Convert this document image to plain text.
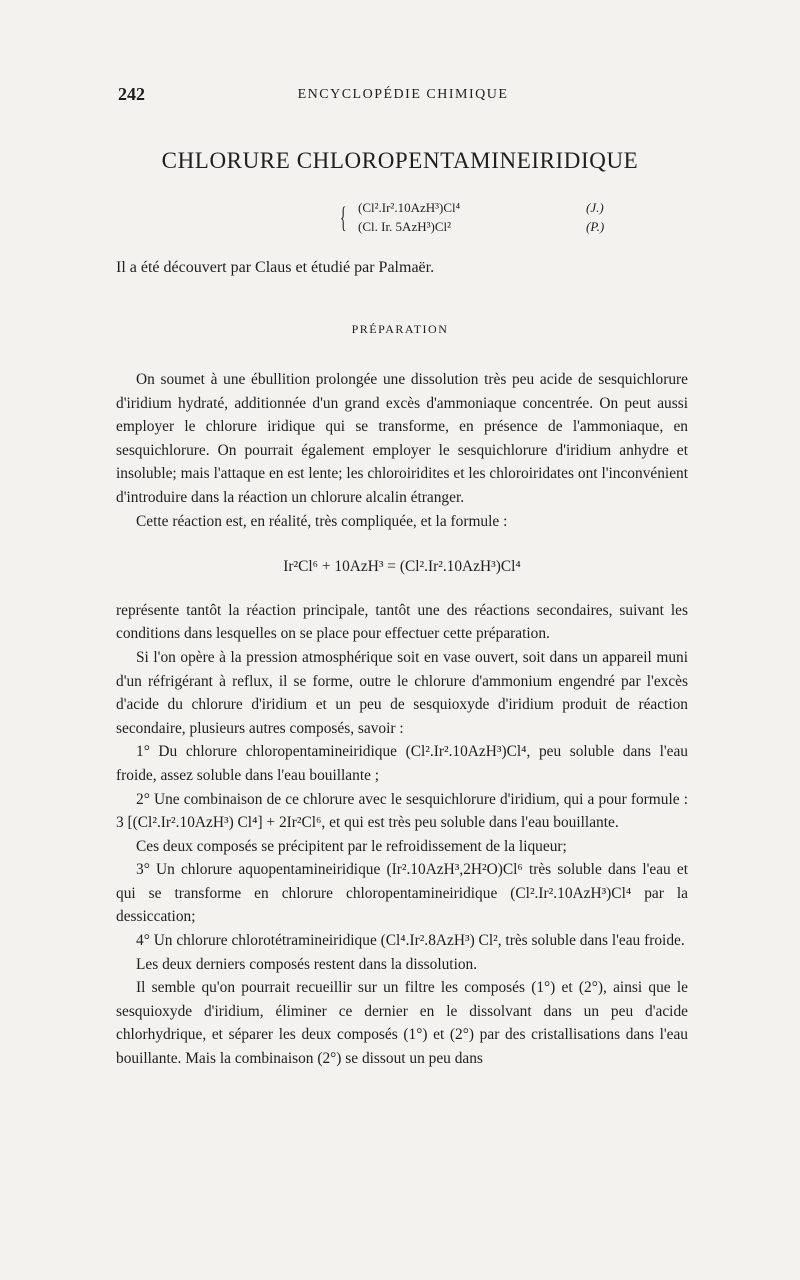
242	ENCYCLOPÉDIE CHIMIQUE
CHLORURE CHLOROPENTAMINEIRIDIQUE
{ (Cl².Ir².10AzH³)Cl⁴	(J.)
(Cl. Ir. 5AzH³)Cl²	(P.)
Il a été découvert par Claus et étudié par Palmaër.
PRÉPARATION

On soumet à une ébullition prolongée une dissolution très peu acide de sesquichlorure d'iridium hydraté, additionnée d'un grand excès d'ammoniaque concentrée. On peut aussi employer le chlorure iridique qui se transforme, en présence de l'ammoniaque, en sesquichlorure. On pourrait également employer le sesquichlorure d'iridium anhydre et insoluble; mais l'attaque en est lente; les chloroiridites et les chloroiridates ont l'inconvénient d'introduire dans la réaction un chlorure alcalin étranger.

Cette réaction est, en réalité, très compliquée, et la formule :

Ir²Cl⁶ + 10AzH³ = (Cl².Ir².10AzH³)Cl⁴

représente tantôt la réaction principale, tantôt une des réactions secondaires, suivant les conditions dans lesquelles on se place pour effectuer cette préparation.

Si l'on opère à la pression atmosphérique soit en vase ouvert, soit dans un appareil muni d'un réfrigérant à reflux, il se forme, outre le chlorure d'ammonium engendré par l'excès d'acide du chlorure d'iridium et un peu de sesquioxyde d'iridium produit de réaction secondaire, plusieurs autres composés, savoir :

1° Du chlorure chloropentamineiridique (Cl².Ir².10AzH³)Cl⁴, peu soluble dans l'eau froide, assez soluble dans l'eau bouillante ;

2° Une combinaison de ce chlorure avec le sesquichlorure d'iridium, qui a pour formule : 3 [(Cl².Ir².10AzH³) Cl⁴] + 2Ir²Cl⁶, et qui est très peu soluble dans l'eau bouillante.

Ces deux composés se précipitent par le refroidissement de la liqueur;

3° Un chlorure aquopentamineiridique (Ir².10AzH³,2H²O)Cl⁶ très soluble dans l'eau et qui se transforme en chlorure chloropentamineiridique (Cl².Ir².10AzH³)Cl⁴ par la dessiccation;

4° Un chlorure chlorotétramineiridique (Cl⁴.Ir².8AzH³) Cl², très soluble dans l'eau froide.

Les deux derniers composés restent dans la dissolution.

Il semble qu'on pourrait recueillir sur un filtre les composés (1°) et (2°), ainsi que le sesquioxyde d'iridium, éliminer ce dernier en le dissolvant dans un peu d'acide chlorhydrique, et séparer les deux composés (1°) et (2°) par des cristallisations dans l'eau bouillante. Mais la combinaison (2°) se dissout un peu dans
